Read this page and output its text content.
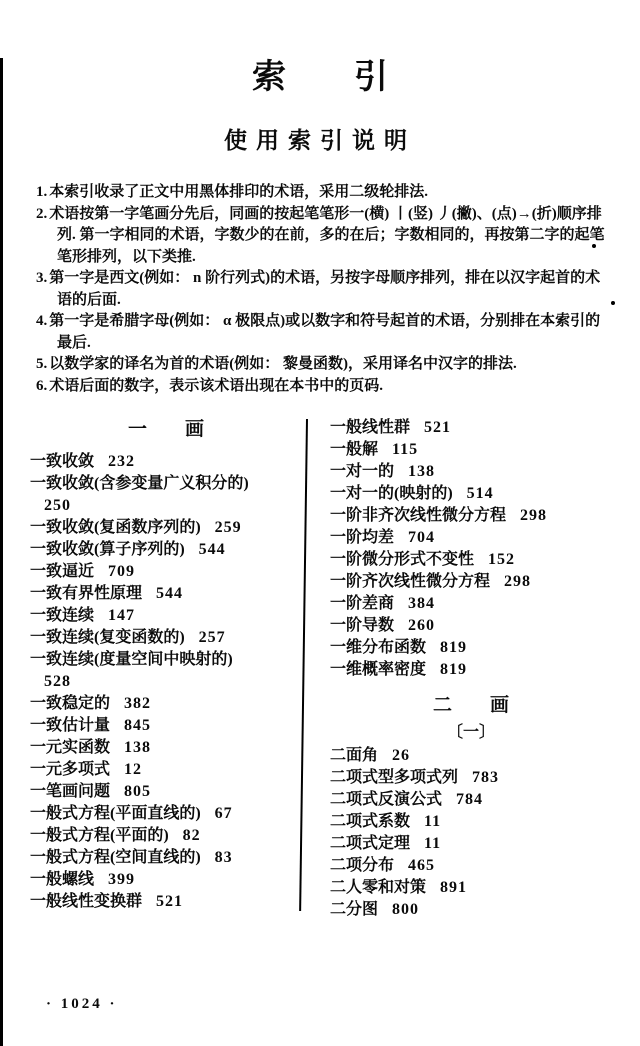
索　　引
使用索引说明
1. 本索引收录了正文中用黑体排印的术语，采用二级轮排法.
2. 术语按第一字笔画分先后，同画的按起笔笔形一(横) 丨(竖) 丿(撇)、(点)→(折)顺序排列. 第一字相同的术语，字数少的在前，多的在后；字数相同的，再按第二字的起笔笔形排列，以下类推.
3. 第一字是西文(例如： n 阶行列式)的术语，另按字母顺序排列，排在以汉字起首的术语的后面.
4. 第一字是希腊字母(例如： α 极限点)或以数字和符号起首的术语，分别排在本索引的最后.
5. 以数学家的译名为首的术语(例如： 黎曼函数)，采用译名中汉字的排法.
6. 术语后面的数字，表示该术语出现在本书中的页码.
一　　画
一致收敛 232
一致收敛(含参变量广义积分的)
250
一致收敛(复函数序列的) 259
一致收敛(算子序列的) 544
一致逼近 709
一致有界性原理 544
一致连续 147
一致连续(复变函数的) 257
一致连续(度量空间中映射的)
528
一致稳定的 382
一致估计量 845
一元实函数 138
一元多项式 12
一笔画问题 805
一般式方程(平面直线的) 67
一般式方程(平面的) 82
一般式方程(空间直线的) 83
一般螺线 399
一般线性变换群 521
一般线性群 521
一般解 115
一对一的 138
一对一的(映射的) 514
一阶非齐次线性微分方程 298
一阶均差 704
一阶微分形式不变性 152
一阶齐次线性微分方程 298
一阶差商 384
一阶导数 260
一维分布函数 819
一维概率密度 819
二　　画
〔一〕
二面角 26
二项式型多项式列 783
二项式反演公式 784
二项式系数 11
二项式定理 11
二项分布 465
二人零和对策 891
二分图 800
· 1024 ·
